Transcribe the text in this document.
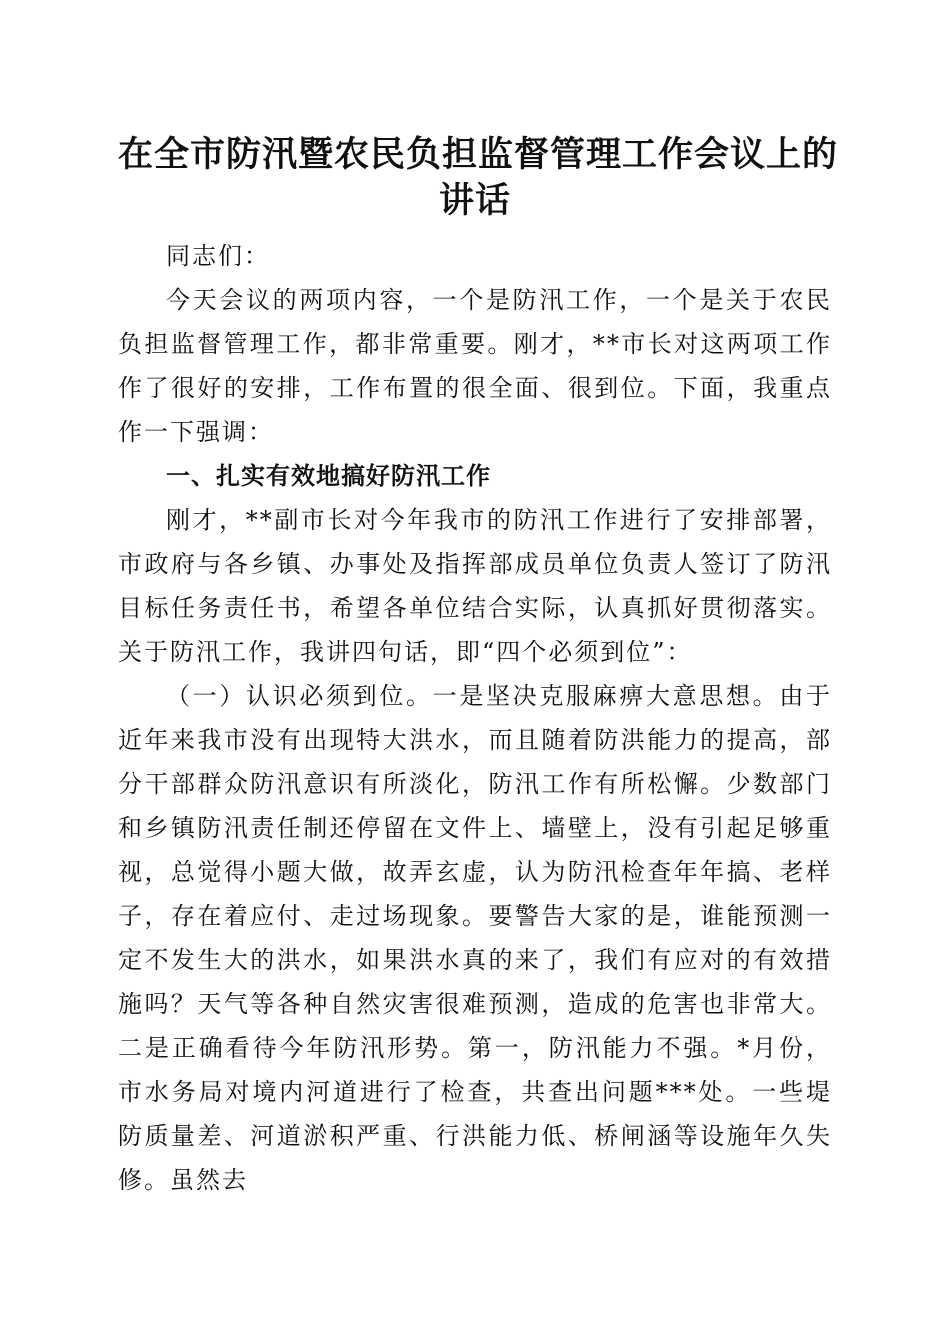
在全市防汛暨农民负担监督管理工作会议上的
讲话

同志们：

今天会议的两项内容，一个是防汛工作，一个是关于农民负担监督管理工作，都非常重要。刚才，**市长对这两项工作作了很好的安排，工作布置的很全面、很到位。下面，我重点作一下强调：

一、扎实有效地搞好防汛工作

刚才，**副市长对今年我市的防汛工作进行了安排部署，市政府与各乡镇、办事处及指挥部成员单位负责人签订了防汛目标任务责任书，希望各单位结合实际，认真抓好贯彻落实。关于防汛工作，我讲四句话，即“四个必须到位”：

（一）认识必须到位。一是坚决克服麻痹大意思想。由于近年来我市没有出现特大洪水，而且随着防洪能力的提高，部分干部群众防汛意识有所淡化，防汛工作有所松懈。少数部门和乡镇防汛责任制还停留在文件上、墙壁上，没有引起足够重视，总觉得小题大做，故弄玄虚，认为防汛检查年年搞、老样子，存在着应付、走过场现象。要警告大家的是，谁能预测一定不发生大的洪水，如果洪水真的来了，我们有应对的有效措施吗？天气等各种自然灾害很难预测，造成的危害也非常大。二是正确看待今年防汛形势。第一，防汛能力不强。*月份，市水务局对境内河道进行了检查，共查出问题***处。一些堤防质量差、河道淤积严重、行洪能力低、桥闸涵等设施年久失修。虽然去
